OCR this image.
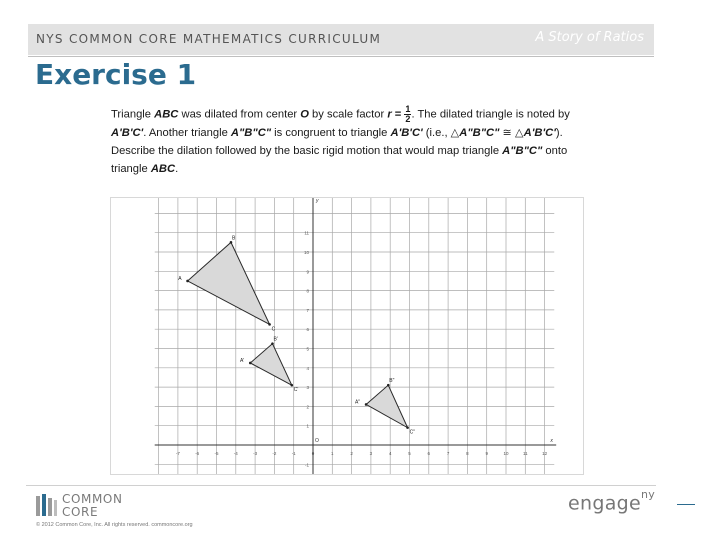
NYS COMMON CORE MATHEMATICS CURRICULUM	A Story of Ratios
Exercise 1
Triangle ABC was dilated from center O by scale factor $r = \frac{1}{2}$ . The dilated triangle is noted by A'B'C'. Another triangle A"B"C" is congruent to triangle A'B'C' (i.e., △A"B"C" ≅ △A'B'C'). Describe the dilation followed by the basic rigid motion that would map triangle A"B"C" onto triangle ABC.
-7	-6	-5	-4	-3	-2	-1	0	1	2	3	4	5	6	7	8	9	10	11	12
-1
1
2
3
4
5
6
7
8
9
10
11
O	x
y
A
B
C
A'
B'
C'
A"
B"
C"
COMMON
CORE
© 2012 Common Core, Inc. All rights reserved. commoncore.org
engage$^{ny}$
